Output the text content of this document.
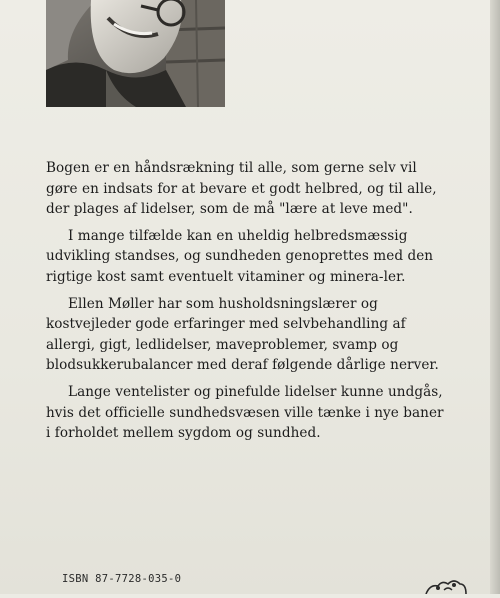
Bogen er en håndsrækning til alle, som gerne selv vil gøre en indsats for at bevare et godt helbred, og til alle, der plages af lidelser, som de må "lære at leve med".

I mange tilfælde kan en uheldig helbredsmæssig udvikling standses, og sundheden genoprettes med den rigtige kost samt eventuelt vitaminer og minera-ler.

Ellen Møller har som husholdsningslærer og kostvejleder gode erfaringer med selvbehandling af allergi, gigt, ledlidelser, maveproblemer, svamp og blodsukkerubalancer med deraf følgende dårlige nerver.

Lange ventelister og pinefulde lidelser kunne undgås, hvis det officielle sundhedsvæsen ville tænke i nye baner i forholdet mellem sygdom og sundhed.

ISBN 87-7728-035-0
